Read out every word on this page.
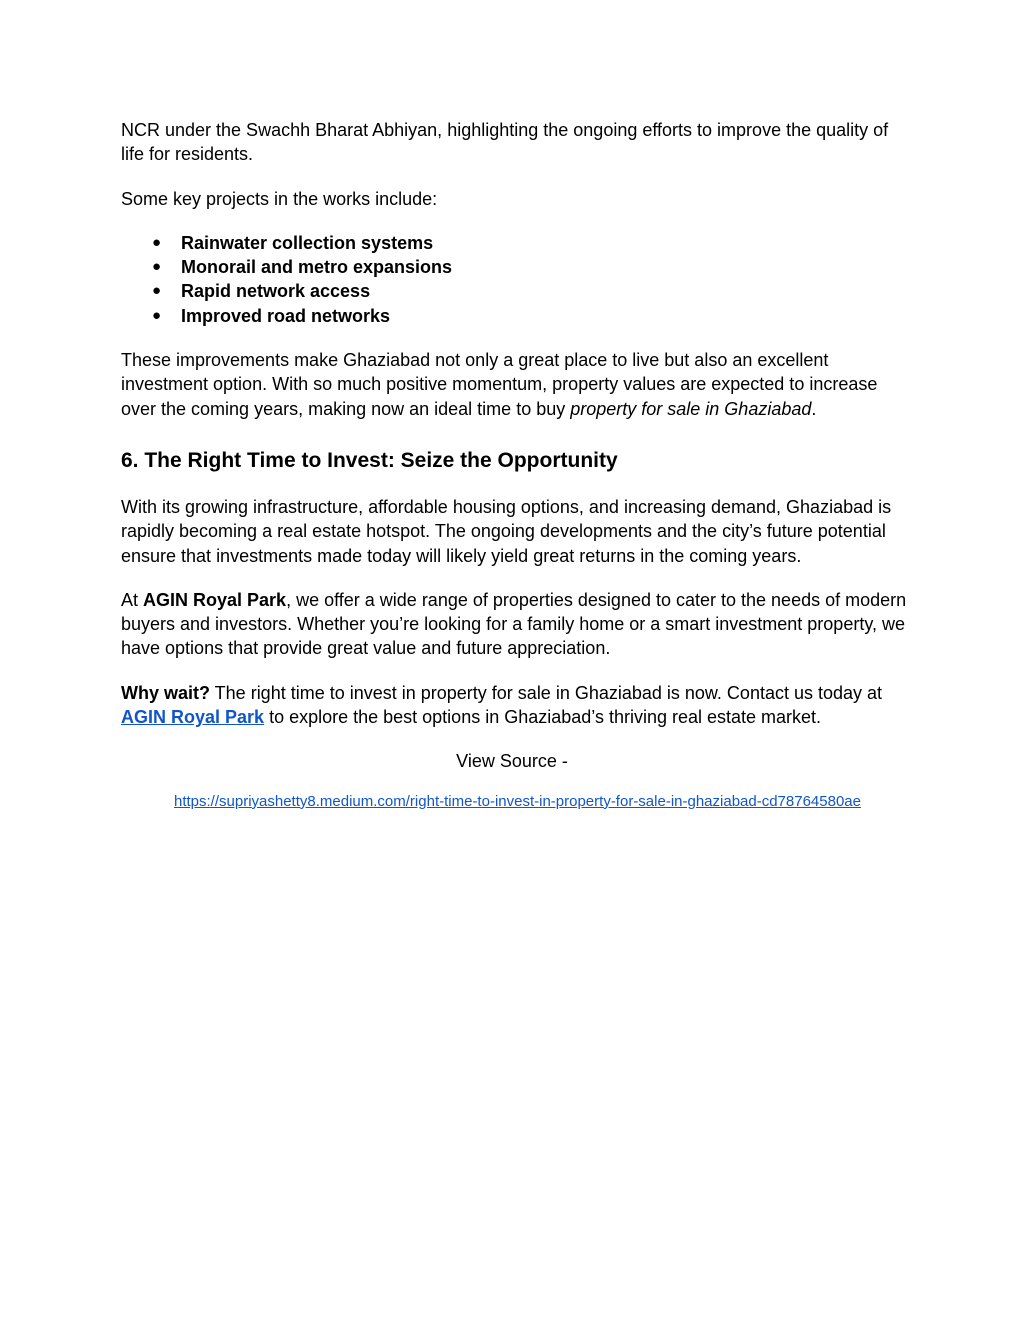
NCR under the Swachh Bharat Abhiyan, highlighting the ongoing efforts to improve the quality of life for residents.

Some key projects in the works include:

● Rainwater collection systems
● Monorail and metro expansions
● Rapid network access
● Improved road networks

These improvements make Ghaziabad not only a great place to live but also an excellent investment option. With so much positive momentum, property values are expected to increase over the coming years, making now an ideal time to buy property for sale in Ghaziabad.

6. The Right Time to Invest: Seize the Opportunity

With its growing infrastructure, affordable housing options, and increasing demand, Ghaziabad is rapidly becoming a real estate hotspot. The ongoing developments and the city’s future potential ensure that investments made today will likely yield great returns in the coming years.

At AGIN Royal Park, we offer a wide range of properties designed to cater to the needs of modern buyers and investors. Whether you’re looking for a family home or a smart investment property, we have options that provide great value and future appreciation.

Why wait? The right time to invest in property for sale in Ghaziabad is now. Contact us today at AGIN Royal Park to explore the best options in Ghaziabad’s thriving real estate market.

View Source -

https://supriyashetty8.medium.com/right-time-to-invest-in-property-for-sale-in-ghaziabad-cd78764580ae
